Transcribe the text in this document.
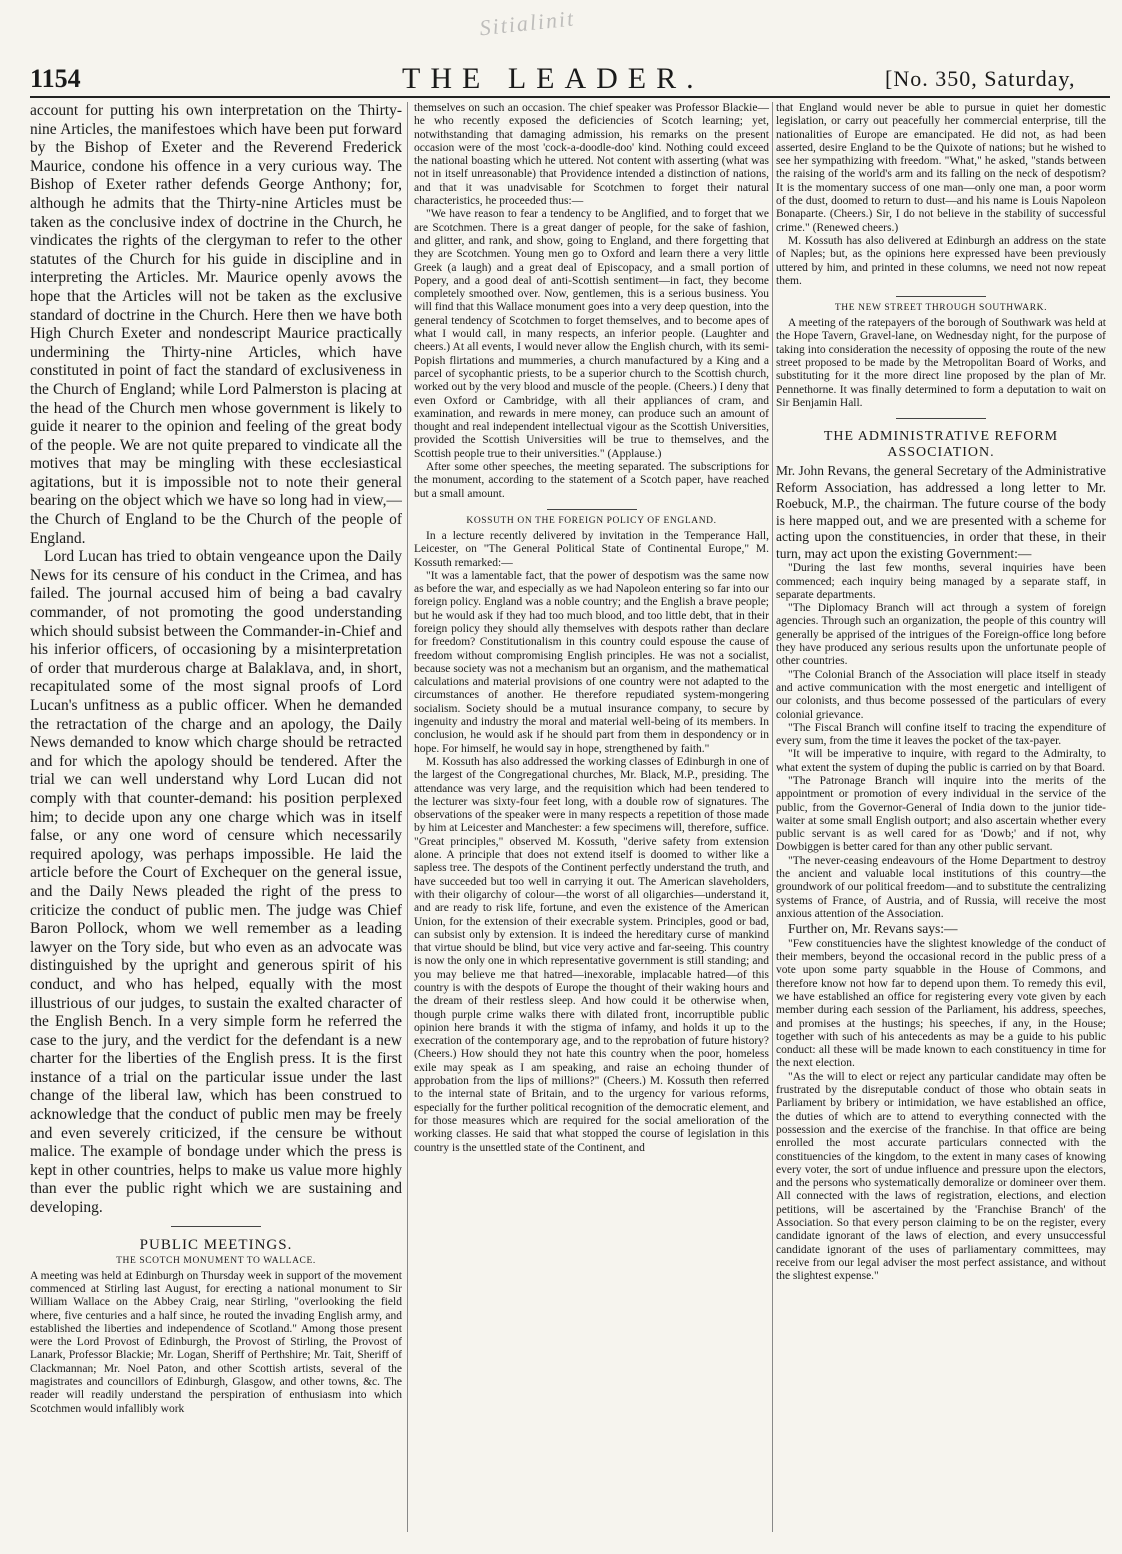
Sitialinit
1154	THE LEADER.	[No. 350, Saturday,

account for putting his own interpretation on the Thirty-nine Articles, the manifestoes which have been put forward by the Bishop of Exeter and the Reverend Frederick Maurice, condone his offence in a very curious way. The Bishop of Exeter rather defends George Anthony; for, although he admits that the Thirty-nine Articles must be taken as the conclusive index of doctrine in the Church, he vindicates the rights of the clergyman to refer to the other statutes of the Church for his guide in discipline and in interpreting the Articles. Mr. Maurice openly avows the hope that the Articles will not be taken as the exclusive standard of doctrine in the Church. Here then we have both High Church Exeter and nondescript Maurice practically undermining the Thirty-nine Articles, which have constituted in point of fact the standard of exclusiveness in the Church of England; while Lord Palmerston is placing at the head of the Church men whose government is likely to guide it nearer to the opinion and feeling of the great body of the people. We are not quite prepared to vindicate all the motives that may be mingling with these ecclesiastical agitations, but it is impossible not to note their general bearing on the object which we have so long had in view,—the Church of England to be the Church of the people of England.

Lord Lucan has tried to obtain vengeance upon the Daily News for its censure of his conduct in the Crimea, and has failed. The journal accused him of being a bad cavalry commander, of not promoting the good understanding which should subsist between the Commander-in-Chief and his inferior officers, of occasioning by a misinterpretation of order that murderous charge at Balaklava, and, in short, recapitulated some of the most signal proofs of Lord Lucan's unfitness as a public officer. When he demanded the retractation of the charge and an apology, the Daily News demanded to know which charge should be retracted and for which the apology should be tendered. After the trial we can well understand why Lord Lucan did not comply with that counter-demand: his position perplexed him; to decide upon any one charge which was in itself false, or any one word of censure which necessarily required apology, was perhaps impossible. He laid the article before the Court of Exchequer on the general issue, and the Daily News pleaded the right of the press to criticize the conduct of public men. The judge was Chief Baron Pollock, whom we well remember as a leading lawyer on the Tory side, but who even as an advocate was distinguished by the upright and generous spirit of his conduct, and who has helped, equally with the most illustrious of our judges, to sustain the exalted character of the English Bench. In a very simple form he referred the case to the jury, and the verdict for the defendant is a new charter for the liberties of the English press. It is the first instance of a trial on the particular issue under the last change of the liberal law, which has been construed to acknowledge that the conduct of public men may be freely and even severely criticized, if the censure be without malice. The example of bondage under which the press is kept in other countries, helps to make us value more highly than ever the public right which we are sustaining and developing.

PUBLIC MEETINGS.
THE SCOTCH MONUMENT TO WALLACE.

A meeting was held at Edinburgh on Thursday week in support of the movement commenced at Stirling last August, for erecting a national monument to Sir William Wallace on the Abbey Craig, near Stirling, "overlooking the field where, five centuries and a half since, he routed the invading English army, and established the liberties and independence of Scotland." Among those present were the Lord Provost of Edinburgh, the Provost of Stirling, the Provost of Lanark, Professor Blackie; Mr. Logan, Sheriff of Perthshire; Mr. Tait, Sheriff of Clackmannan; Mr. Noel Paton, and other Scottish artists, several of the magistrates and councillors of Edinburgh, Glasgow, and other towns, &c. The reader will readily understand the perspiration of enthusiasm into which Scotchmen would infallibly work

themselves on such an occasion. The chief speaker was Professor Blackie—he who recently exposed the deficiencies of Scotch learning; yet, notwithstanding that damaging admission, his remarks on the present occasion were of the most 'cock-a-doodle-doo' kind. Nothing could exceed the national boasting which he uttered. Not content with asserting (what was not in itself unreasonable) that Providence intended a distinction of nations, and that it was unadvisable for Scotchmen to forget their natural characteristics, he proceeded thus:—

"We have reason to fear a tendency to be Anglified, and to forget that we are Scotchmen. There is a great danger of people, for the sake of fashion, and glitter, and rank, and show, going to England, and there forgetting that they are Scotchmen. Young men go to Oxford and learn there a very little Greek (a laugh) and a great deal of Episcopacy, and a small portion of Popery, and a good deal of anti-Scottish sentiment—in fact, they become completely smoothed over. Now, gentlemen, this is a serious business. You will find that this Wallace monument goes into a very deep question, into the general tendency of Scotchmen to forget themselves, and to become apes of what I would call, in many respects, an inferior people. (Laughter and cheers.) At all events, I would never allow the English church, with its semi-Popish flirtations and mummeries, a church manufactured by a King and a parcel of sycophantic priests, to be a superior church to the Scottish church, worked out by the very blood and muscle of the people. (Cheers.) I deny that even Oxford or Cambridge, with all their appliances of cram, and examination, and rewards in mere money, can produce such an amount of thought and real independent intellectual vigour as the Scottish Universities, provided the Scottish Universities will be true to themselves, and the Scottish people true to their universities." (Applause.)

After some other speeches, the meeting separated. The subscriptions for the monument, according to the statement of a Scotch paper, have reached but a small amount.

KOSSUTH ON THE FOREIGN POLICY OF ENGLAND.

In a lecture recently delivered by invitation in the Temperance Hall, Leicester, on "The General Political State of Continental Europe," M. Kossuth remarked:—

"It was a lamentable fact, that the power of despotism was the same now as before the war, and especially as we had Napoleon entering so far into our foreign policy. England was a noble country; and the English a brave people; but he would ask if they had too much blood, and too little debt, that in their foreign policy they should ally themselves with despots rather than declare for freedom? Constitutionalism in this country could espouse the cause of freedom without compromising English principles. He was not a socialist, because society was not a mechanism but an organism, and the mathematical calculations and material provisions of one country were not adapted to the circumstances of another. He therefore repudiated system-mongering socialism. Society should be a mutual insurance company, to secure by ingenuity and industry the moral and material well-being of its members. In conclusion, he would ask if he should part from them in despondency or in hope. For himself, he would say in hope, strengthened by faith."

M. Kossuth has also addressed the working classes of Edinburgh in one of the largest of the Congregational churches, Mr. Black, M.P., presiding. The attendance was very large, and the requisition which had been tendered to the lecturer was sixty-four feet long, with a double row of signatures. The observations of the speaker were in many respects a repetition of those made by him at Leicester and Manchester: a few specimens will, therefore, suffice. "Great principles," observed M. Kossuth, "derive safety from extension alone. A principle that does not extend itself is doomed to wither like a sapless tree. The despots of the Continent perfectly understand the truth, and have succeeded but too well in carrying it out. The American slaveholders, with their oligarchy of colour—the worst of all oligarchies—understand it, and are ready to risk life, fortune, and even the existence of the American Union, for the extension of their execrable system. Principles, good or bad, can subsist only by extension. It is indeed the hereditary curse of mankind that virtue should be blind, but vice very active and far-seeing. This country is now the only one in which representative government is still standing; and you may believe me that hatred—inexorable, implacable hatred—of this country is with the despots of Europe the thought of their waking hours and the dream of their restless sleep. And how could it be otherwise when, though purple crime walks there with dilated front, incorruptible public opinion here brands it with the stigma of infamy, and holds it up to the execration of the contemporary age, and to the reprobation of future history? (Cheers.) How should they not hate this country when the poor, homeless exile may speak as I am speaking, and raise an echoing thunder of approbation from the lips of millions?" (Cheers.) M. Kossuth then referred to the internal state of Britain, and to the urgency for various reforms, especially for the further political recognition of the democratic element, and for those measures which are required for the social amelioration of the working classes. He said that what stopped the course of legislation in this country is the unsettled state of the Continent, and

that England would never be able to pursue in quiet her domestic legislation, or carry out peacefully her commercial enterprise, till the nationalities of Europe are emancipated. He did not, as had been asserted, desire England to be the Quixote of nations; but he wished to see her sympathizing with freedom. "What," he asked, "stands between the raising of the world's arm and its falling on the neck of despotism? It is the momentary success of one man—only one man, a poor worm of the dust, doomed to return to dust—and his name is Louis Napoleon Bonaparte. (Cheers.) Sir, I do not believe in the stability of successful crime." (Renewed cheers.)

M. Kossuth has also delivered at Edinburgh an address on the state of Naples; but, as the opinions here expressed have been previously uttered by him, and printed in these columns, we need not now repeat them.

THE NEW STREET THROUGH SOUTHWARK.

A meeting of the ratepayers of the borough of Southwark was held at the Hope Tavern, Gravel-lane, on Wednesday night, for the purpose of taking into consideration the necessity of opposing the route of the new street proposed to be made by the Metropolitan Board of Works, and substituting for it the more direct line proposed by the plan of Mr. Pennethorne. It was finally determined to form a deputation to wait on Sir Benjamin Hall.

THE ADMINISTRATIVE REFORM ASSOCIATION.

Mr. John Revans, the general Secretary of the Administrative Reform Association, has addressed a long letter to Mr. Roebuck, M.P., the chairman. The future course of the body is here mapped out, and we are presented with a scheme for acting upon the constituencies, in order that these, in their turn, may act upon the existing Government:—

"During the last few months, several inquiries have been commenced; each inquiry being managed by a separate staff, in separate departments.

"The Diplomacy Branch will act through a system of foreign agencies. Through such an organization, the people of this country will generally be apprised of the intrigues of the Foreign-office long before they have produced any serious results upon the unfortunate people of other countries.

"The Colonial Branch of the Association will place itself in steady and active communication with the most energetic and intelligent of our colonists, and thus become possessed of the particulars of every colonial grievance.

"The Fiscal Branch will confine itself to tracing the expenditure of every sum, from the time it leaves the pocket of the tax-payer.

"It will be imperative to inquire, with regard to the Admiralty, to what extent the system of duping the public is carried on by that Board.

"The Patronage Branch will inquire into the merits of the appointment or promotion of every individual in the service of the public, from the Governor-General of India down to the junior tide-waiter at some small English outport; and also ascertain whether every public servant is as well cared for as 'Dowb;' and if not, why Dowbiggen is better cared for than any other public servant.

"The never-ceasing endeavours of the Home Department to destroy the ancient and valuable local institutions of this country—the groundwork of our political freedom—and to substitute the centralizing systems of France, of Austria, and of Russia, will receive the most anxious attention of the Association.

Further on, Mr. Revans says:—

"Few constituencies have the slightest knowledge of the conduct of their members, beyond the occasional record in the public press of a vote upon some party squabble in the House of Commons, and therefore know not how far to depend upon them. To remedy this evil, we have established an office for registering every vote given by each member during each session of the Parliament, his address, speeches, and promises at the hustings; his speeches, if any, in the House; together with such of his antecedents as may be a guide to his public conduct: all these will be made known to each constituency in time for the next election.

"As the will to elect or reject any particular candidate may often be frustrated by the disreputable conduct of those who obtain seats in Parliament by bribery or intimidation, we have established an office, the duties of which are to attend to everything connected with the possession and the exercise of the franchise. In that office are being enrolled the most accurate particulars connected with the constituencies of the kingdom, to the extent in many cases of knowing every voter, the sort of undue influence and pressure upon the electors, and the persons who systematically demoralize or domineer over them. All connected with the laws of registration, elections, and election petitions, will be ascertained by the 'Franchise Branch' of the Association. So that every person claiming to be on the register, every candidate ignorant of the laws of election, and every unsuccessful candidate ignorant of the uses of parliamentary committees, may receive from our legal adviser the most perfect assistance, and without the slightest expense."
